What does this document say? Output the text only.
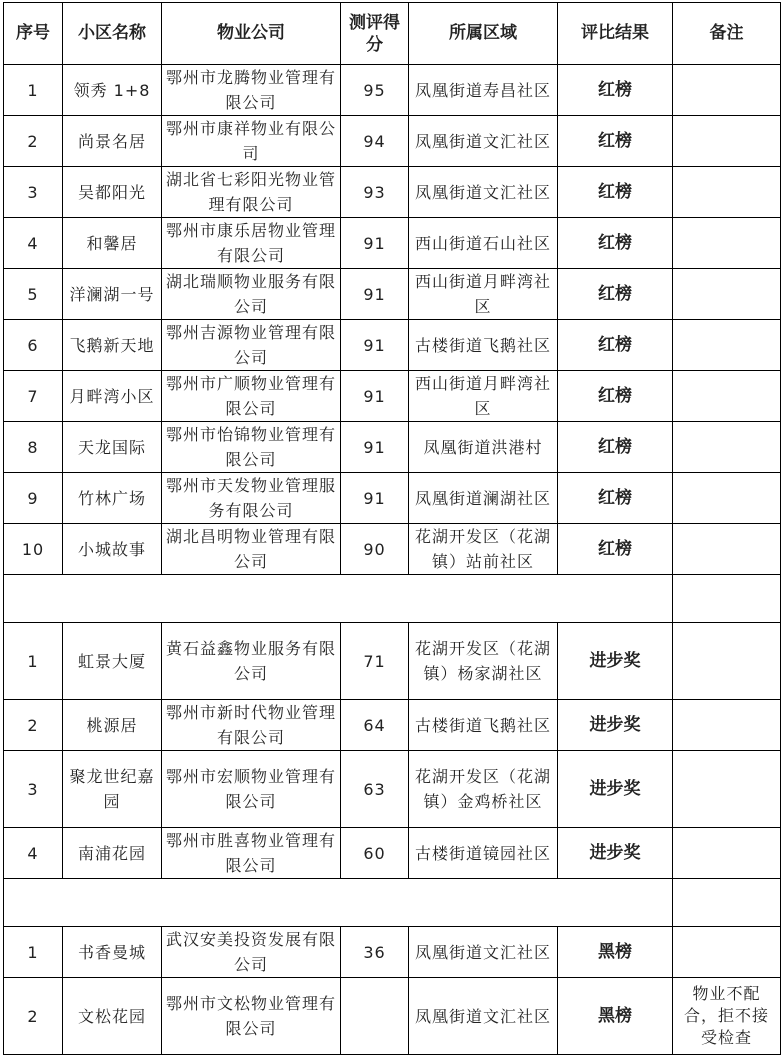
序号	小区名称	物业公司	测评得分	所属区域	评比结果	备注
1	领秀 1+8	鄂州市龙腾物业管理有限公司	95	凤凰街道寿昌社区	红榜	
2	尚景名居	鄂州市康祥物业有限公司	94	凤凰街道文汇社区	红榜	
3	吴都阳光	湖北省七彩阳光物业管理有限公司	93	凤凰街道文汇社区	红榜	
4	和馨居	鄂州市康乐居物业管理有限公司	91	西山街道石山社区	红榜	
5	洋澜湖一号	湖北瑞顺物业服务有限公司	91	西山街道月畔湾社区	红榜	
6	飞鹅新天地	鄂州吉源物业管理有限公司	91	古楼街道飞鹅社区	红榜	
7	月畔湾小区	鄂州市广顺物业管理有限公司	91	西山街道月畔湾社区	红榜	
8	天龙国际	鄂州市怡锦物业管理有限公司	91	凤凰街道洪港村	红榜	
9	竹林广场	鄂州市天发物业管理服务有限公司	91	凤凰街道澜湖社区	红榜	
10	小城故事	湖北昌明物业管理有限公司	90	花湖开发区（花湖镇）站前社区	红榜	

1	虹景大厦	黄石益鑫物业服务有限公司	71	花湖开发区（花湖镇）杨家湖社区	进步奖	
2	桃源居	鄂州市新时代物业管理有限公司	64	古楼街道飞鹅社区	进步奖	
3	聚龙世纪嘉园	鄂州市宏顺物业管理有限公司	63	花湖开发区（花湖镇）金鸡桥社区	进步奖	
4	南浦花园	鄂州市胜喜物业管理有限公司	60	古楼街道镜园社区	进步奖	

1	书香曼城	武汉安美投资发展有限公司	36	凤凰街道文汇社区	黑榜	
2	文松花园	鄂州市文松物业管理有限公司		凤凰街道文汇社区	黑榜	物业不配合，拒不接受检查
